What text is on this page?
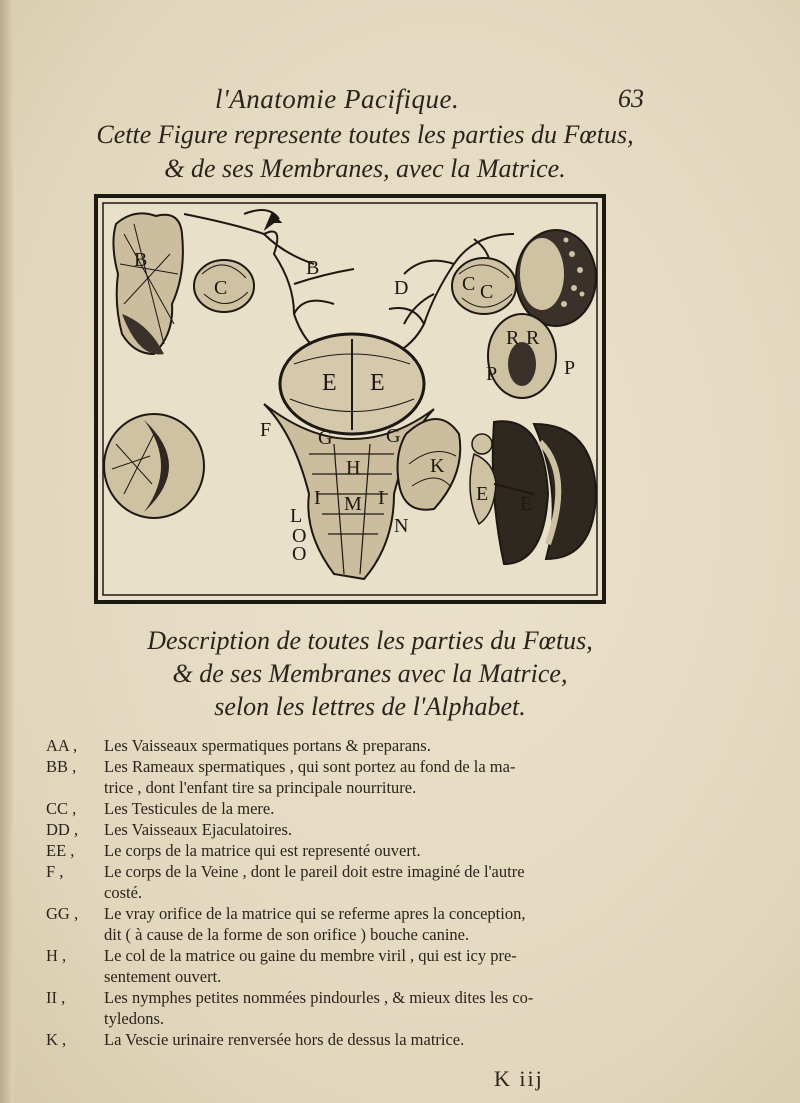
l'Anatomie Pacifique.	63
Cette Figure represente toutes les parties du Fœtus,
& de ses Membranes, avec la Matrice.
B
C
B
D	C C
R R
P	P
E E
F G	G
H	K
I M I
L
O
O
N
E E
Description de toutes les parties du Fœtus,
& de ses Membranes avec la Matrice,
selon les lettres de l'Alphabet.
AA , Les Vaisseaux spermatiques portans & preparans.
BB , Les Rameaux spermatiques , qui sont portez au fond de la ma-
trice , dont l'enfant tire sa principale nourriture.
CC , Les Testicules de la mere.
DD , Les Vaisseaux Ejaculatoires.
EE , Le corps de la matrice qui est representé ouvert.
F , Le corps de la Veine , dont le pareil doit estre imaginé de l'autre
costé.
GG , Le vray orifice de la matrice qui se referme apres la conception,
dit ( à cause de la forme de son orifice ) bouche canine.
H , Le col de la matrice ou gaine du membre viril , qui est icy pre-
sentement ouvert.
II , Les nymphes petites nommées pindourles , & mieux dites les co-
tyledons.
K , La Vescie urinaire renversée hors de dessus la matrice.
K iij
